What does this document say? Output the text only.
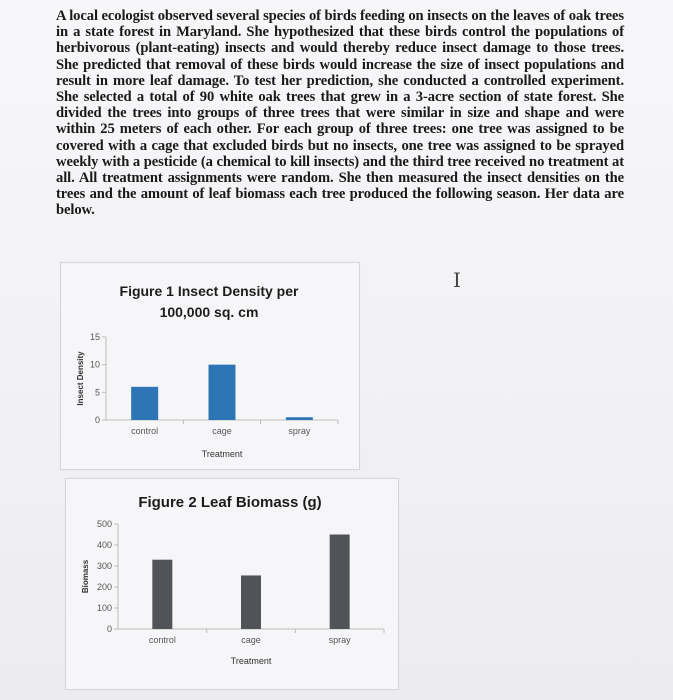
A local ecologist observed several species of birds feeding on insects on the leaves of oak trees in a state forest in Maryland. She hypothesized that these birds control the populations of herbivorous (plant-eating) insects and would thereby reduce insect damage to those trees. She predicted that removal of these birds would increase the size of insect populations and result in more leaf damage. To test her prediction, she conducted a controlled experiment. She selected a total of 90 white oak trees that grew in a 3-acre section of state forest. She divided the trees into groups of three trees that were similar in size and shape and were within 25 meters of each other. For each group of three trees: one tree was assigned to be covered with a cage that excluded birds but no insects, one tree was assigned to be sprayed weekly with a pesticide (a chemical to kill insects) and the third tree received no treatment at all. All treatment assignments were random. She then measured the insect densities on the trees and the amount of leaf biomass each tree produced the following season. Her data are below.
I
Figure 1 Insect Density per
100,000 sq. cm
Insect Density
0
5
10
15
control	cage	spray
Treatment
Figure 2 Leaf Biomass (g)
Biomass
0
100
200
300
400
500
control	cage	spray
Treatment
